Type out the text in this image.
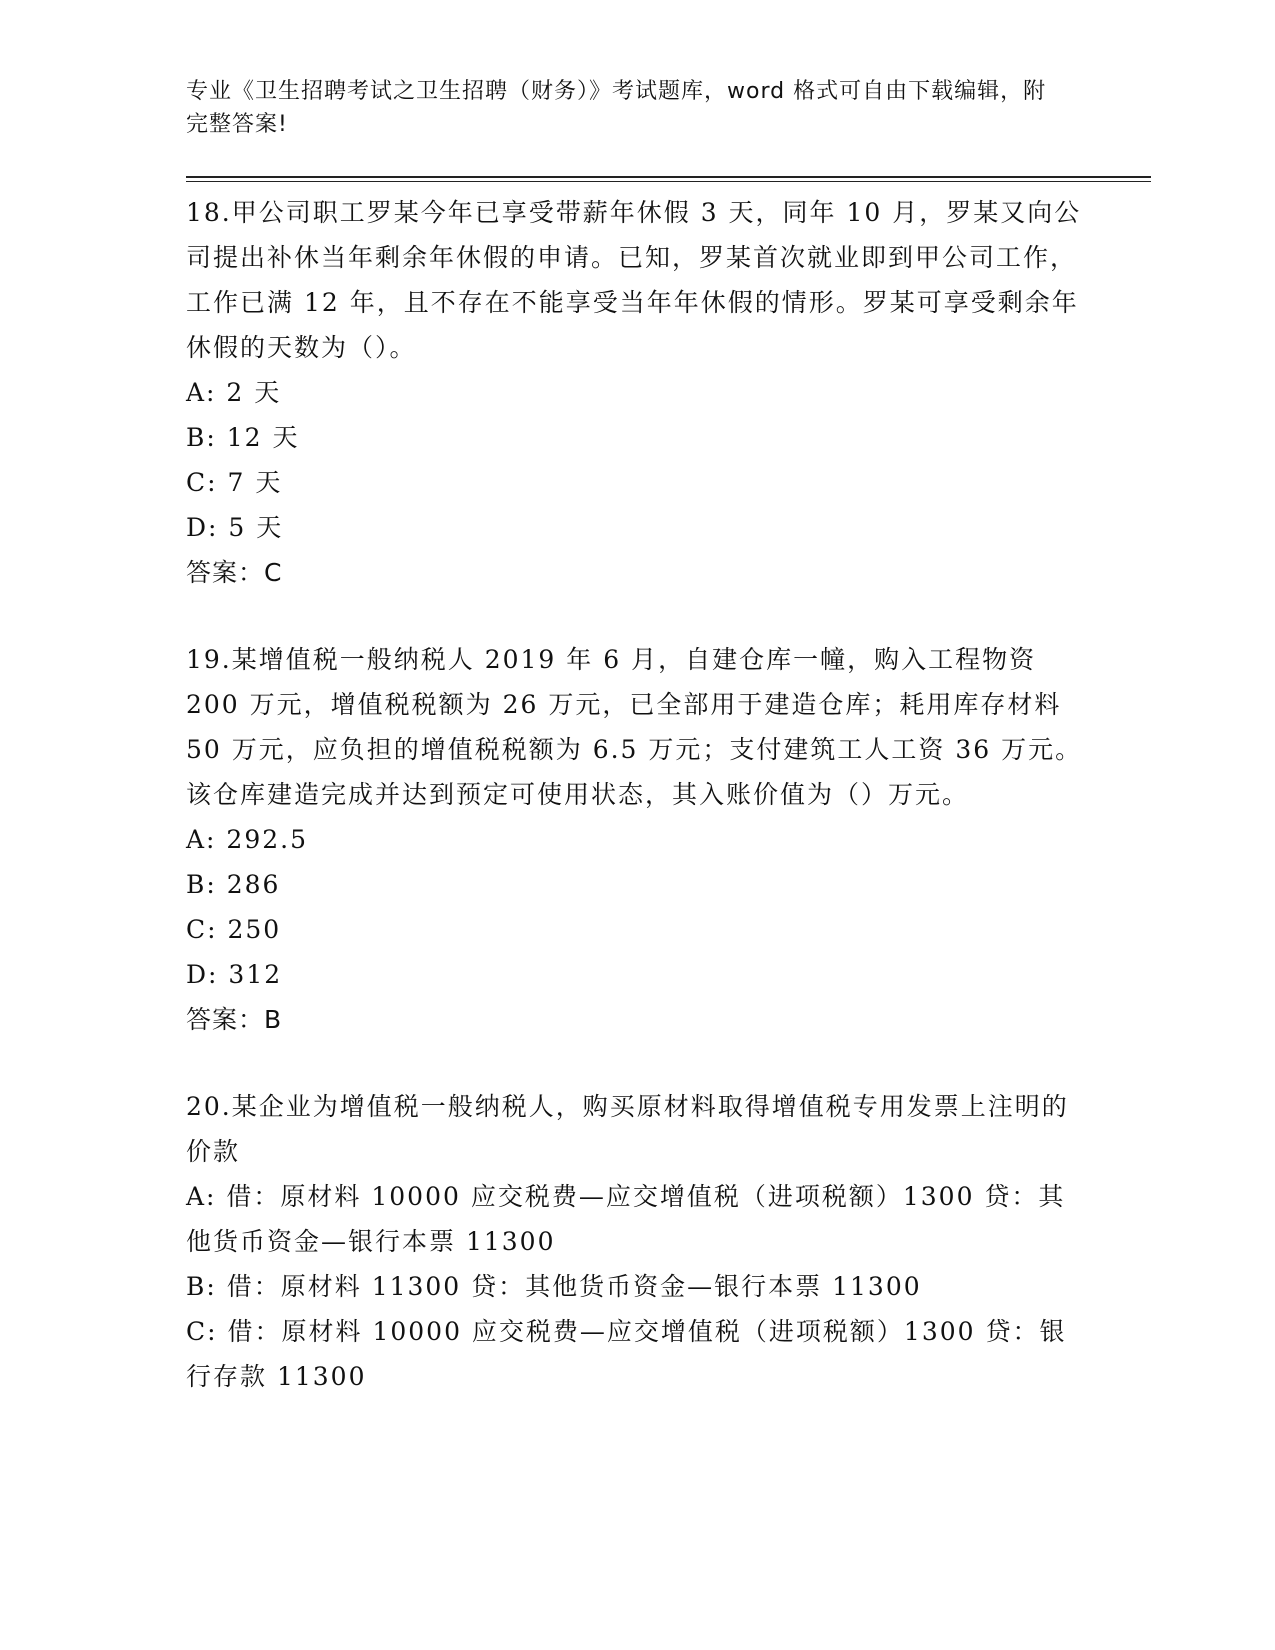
专业《卫生招聘考试之卫生招聘（财务）》考试题库，word 格式可自由下载编辑，附完整答案!

18.甲公司职工罗某今年已享受带薪年休假 3 天，同年 10 月，罗某又向公司提出补休当年剩余年休假的申请。已知，罗某首次就业即到甲公司工作，工作已满 12 年，且不存在不能享受当年年休假的情形。罗某可享受剩余年休假的天数为（）。

A: 2 天

B: 12 天

C: 7 天

D: 5 天

答案：C

19.某增值税一般纳税人 2019 年 6 月，自建仓库一幢，购入工程物资 200 万元，增值税税额为 26 万元，已全部用于建造仓库；耗用库存材料 50 万元，应负担的增值税税额为 6.5 万元；支付建筑工人工资 36 万元。该仓库建造完成并达到预定可使用状态，其入账价值为（）万元。

A: 292.5

B: 286

C: 250

D: 312

答案：B

20.某企业为增值税一般纳税人，购买原材料取得增值税专用发票上注明的价款

A: 借：原材料 10000 应交税费—应交增值税（进项税额）1300 贷：其他货币资金—银行本票 11300

B: 借：原材料 11300 贷：其他货币资金—银行本票 11300

C: 借：原材料 10000 应交税费—应交增值税（进项税额）1300 贷：银行存款 11300
